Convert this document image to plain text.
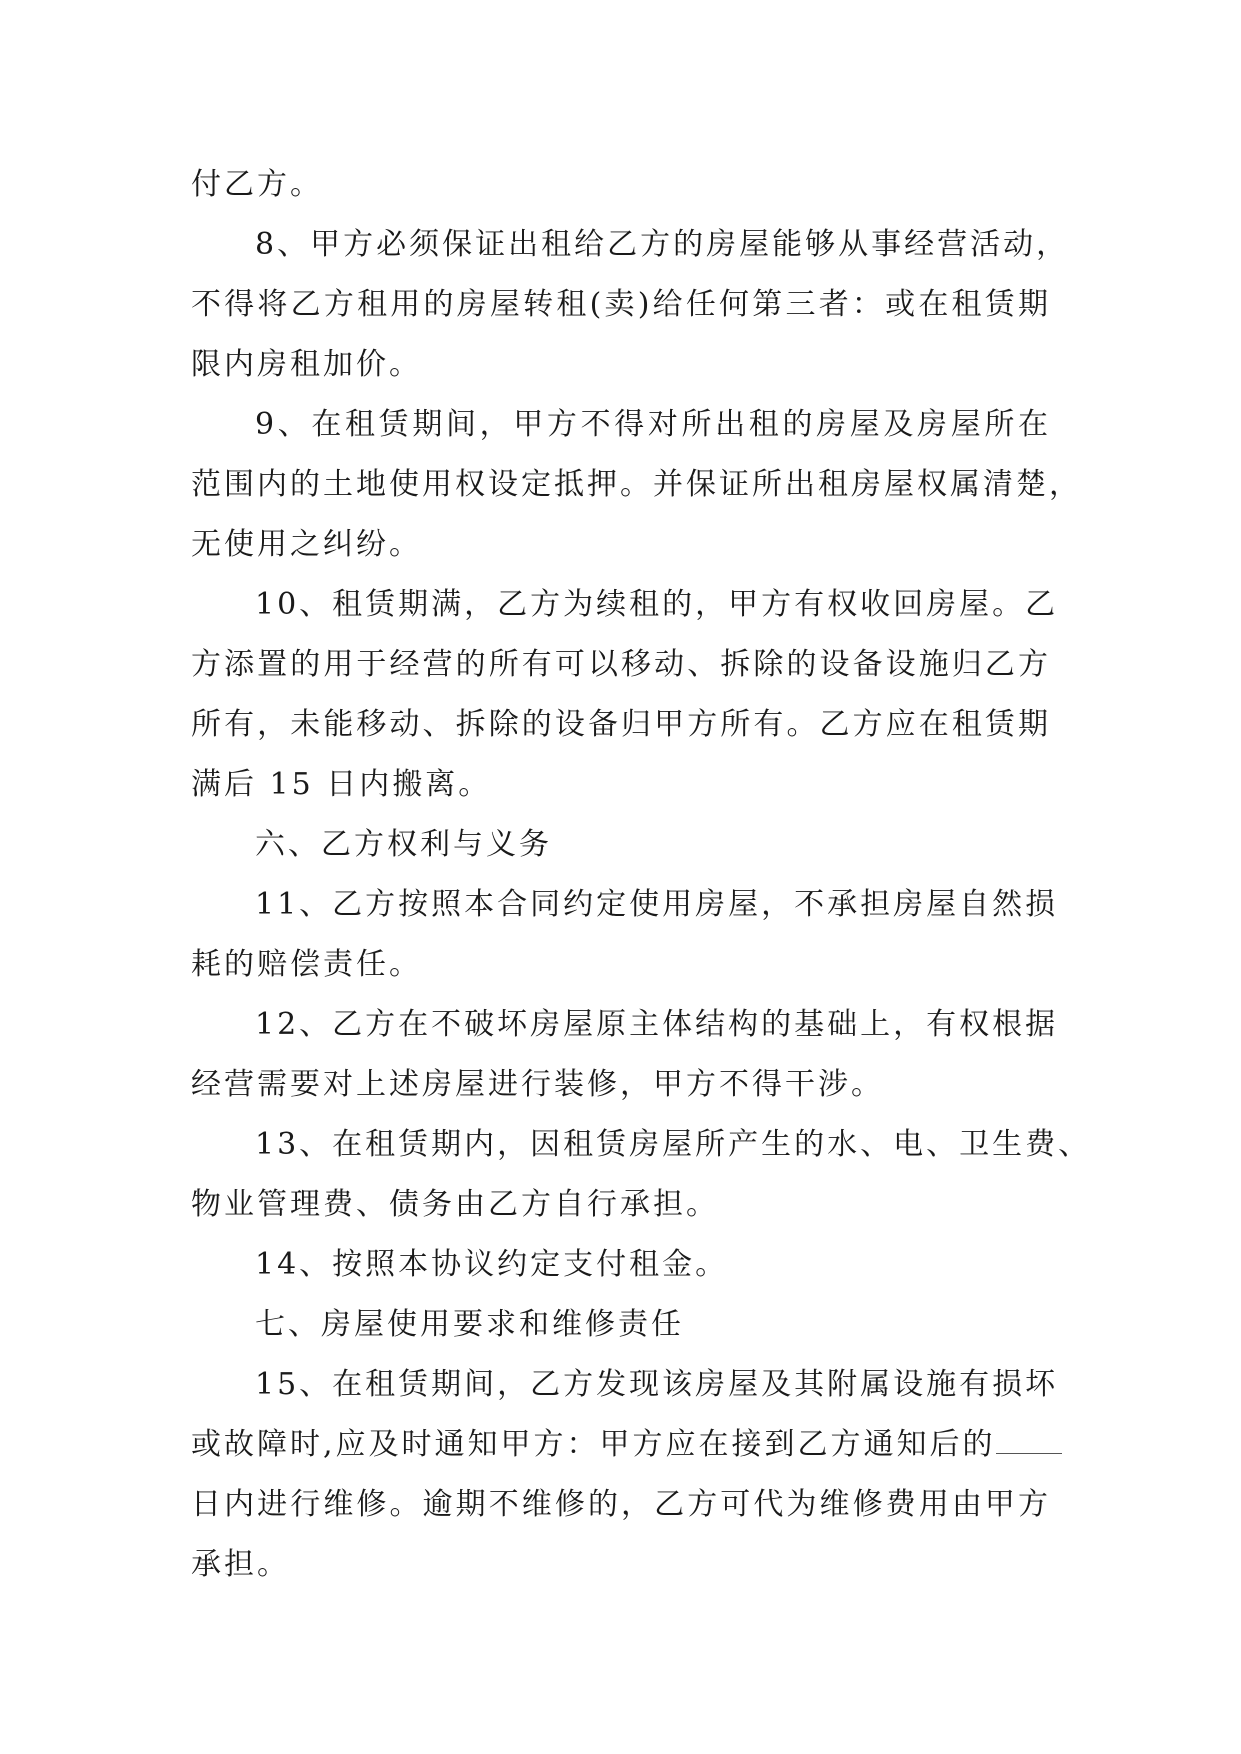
付乙方。
8、甲方必须保证出租给乙方的房屋能够从事经营活动，
不得将乙方租用的房屋转租(卖)给任何第三者：或在租赁期
限内房租加价。
9、在租赁期间，甲方不得对所出租的房屋及房屋所在
范围内的土地使用权设定抵押。并保证所出租房屋权属清楚，
无使用之纠纷。
10、租赁期满，乙方为续租的，甲方有权收回房屋。乙
方添置的用于经营的所有可以移动、拆除的设备设施归乙方
所有，未能移动、拆除的设备归甲方所有。乙方应在租赁期
满后 15 日内搬离。
六、乙方权利与义务
11、乙方按照本合同约定使用房屋，不承担房屋自然损
耗的赔偿责任。
12、乙方在不破坏房屋原主体结构的基础上，有权根据
经营需要对上述房屋进行装修，甲方不得干涉。
13、在租赁期内，因租赁房屋所产生的水、电、卫生费、
物业管理费、债务由乙方自行承担。
14、按照本协议约定支付租金。
七、房屋使用要求和维修责任
15、在租赁期间，乙方发现该房屋及其附属设施有损坏
或故障时,应及时通知甲方：甲方应在接到乙方通知后的
日内进行维修。逾期不维修的，乙方可代为维修费用由甲方
承担。
